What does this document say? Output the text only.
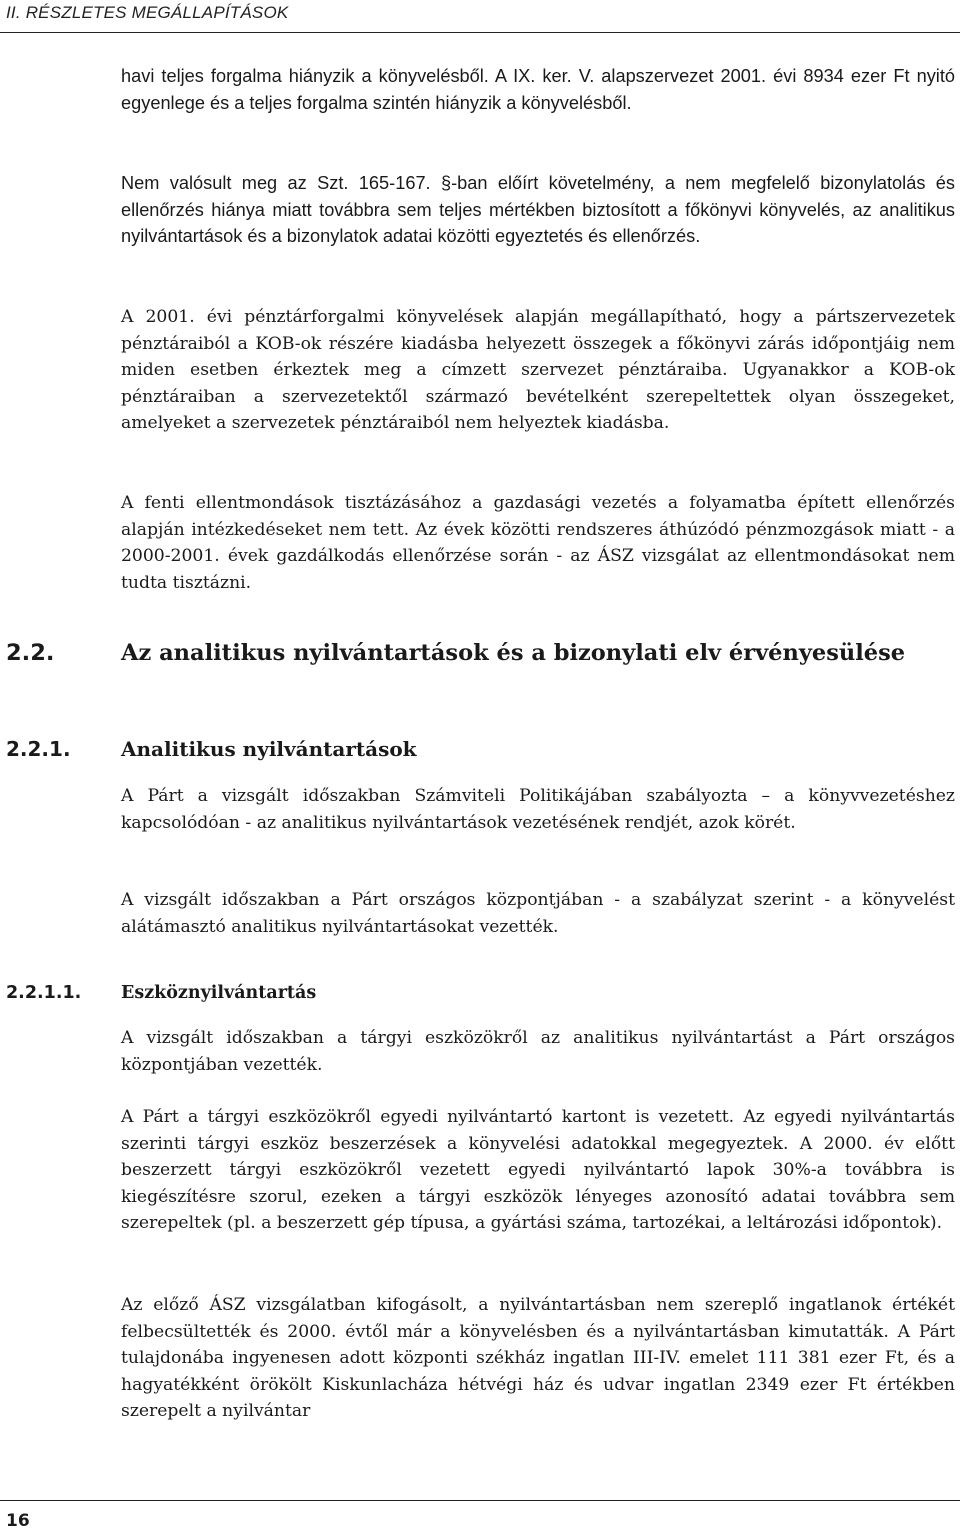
II. RÉSZLETES MEGÁLLAPÍTÁSOK

havi teljes forgalma hiányzik a könyvelésből. A IX. ker. V. alapszervezet 2001. évi 8934 ezer Ft nyitó egyenlege és a teljes forgalma szintén hiányzik a könyvelésből.

Nem valósult meg az Szt. 165-167. §-ban előírt követelmény, a nem megfelelő bizonylatolás és ellenőrzés hiánya miatt továbbra sem teljes mértékben biztosított a főkönyvi könyvelés, az analitikus nyilvántartások és a bizonylatok adatai közötti egyeztetés és ellenőrzés.

A 2001. évi pénztárforgalmi könyvelések alapján megállapítható, hogy a pártszervezetek pénztáraiból a KOB-ok részére kiadásba helyezett összegek a főkönyvi zárás időpontjáig nem miden esetben érkeztek meg a címzett szervezet pénztáraiba. Ugyanakkor a KOB-ok pénztáraiban a szervezetektől származó bevételként szerepeltettek olyan összegeket, amelyeket a szervezetek pénztáraiból nem helyeztek kiadásba.

A fenti ellentmondások tisztázásához a gazdasági vezetés a folyamatba épített ellenőrzés alapján intézkedéseket nem tett. Az évek közötti rendszeres áthúzódó pénzmozgások miatt - a 2000-2001. évek gazdálkodás ellenőrzése során - az ÁSZ vizsgálat az ellentmondásokat nem tudta tisztázni.

2.2.	Az analitikus nyilvántartások és a bizonylati elv érvényesülése
2.2.1.	Analitikus nyilvántartások

A Párt a vizsgált időszakban Számviteli Politikájában szabályozta – a könyvvezetéshez kapcsolódóan - az analitikus nyilvántartások vezetésének rendjét, azok körét.

A vizsgált időszakban a Párt országos központjában - a szabályzat szerint - a könyvelést alátámasztó analitikus nyilvántartásokat vezették.

2.2.1.1. Eszköznyilvántartás

A vizsgált időszakban a tárgyi eszközökről az analitikus nyilvántartást a Párt országos központjában vezették.

A Párt a tárgyi eszközökről egyedi nyilvántartó kartont is vezetett. Az egyedi nyilvántartás szerinti tárgyi eszköz beszerzések a könyvelési adatokkal megegyeztek. A 2000. év előtt beszerzett tárgyi eszközökről vezetett egyedi nyilvántartó lapok 30%-a továbbra is kiegészítésre szorul, ezeken a tárgyi eszközök lényeges azonosító adatai továbbra sem szerepeltek (pl. a beszerzett gép típusa, a gyártási száma, tartozékai, a leltározási időpontok).

Az előző ÁSZ vizsgálatban kifogásolt, a nyilvántartásban nem szereplő ingatlanok értékét felbecsültették és 2000. évtől már a könyvelésben és a nyilvántartásban kimutatták. A Párt tulajdonába ingyenesen adott központi székház ingatlan III-IV. emelet 111 381 ezer Ft, és a hagyatékként örökölt Kiskunlacháza hétvégi ház és udvar ingatlan 2349 ezer Ft értékben szerepelt a nyilvántar

16
